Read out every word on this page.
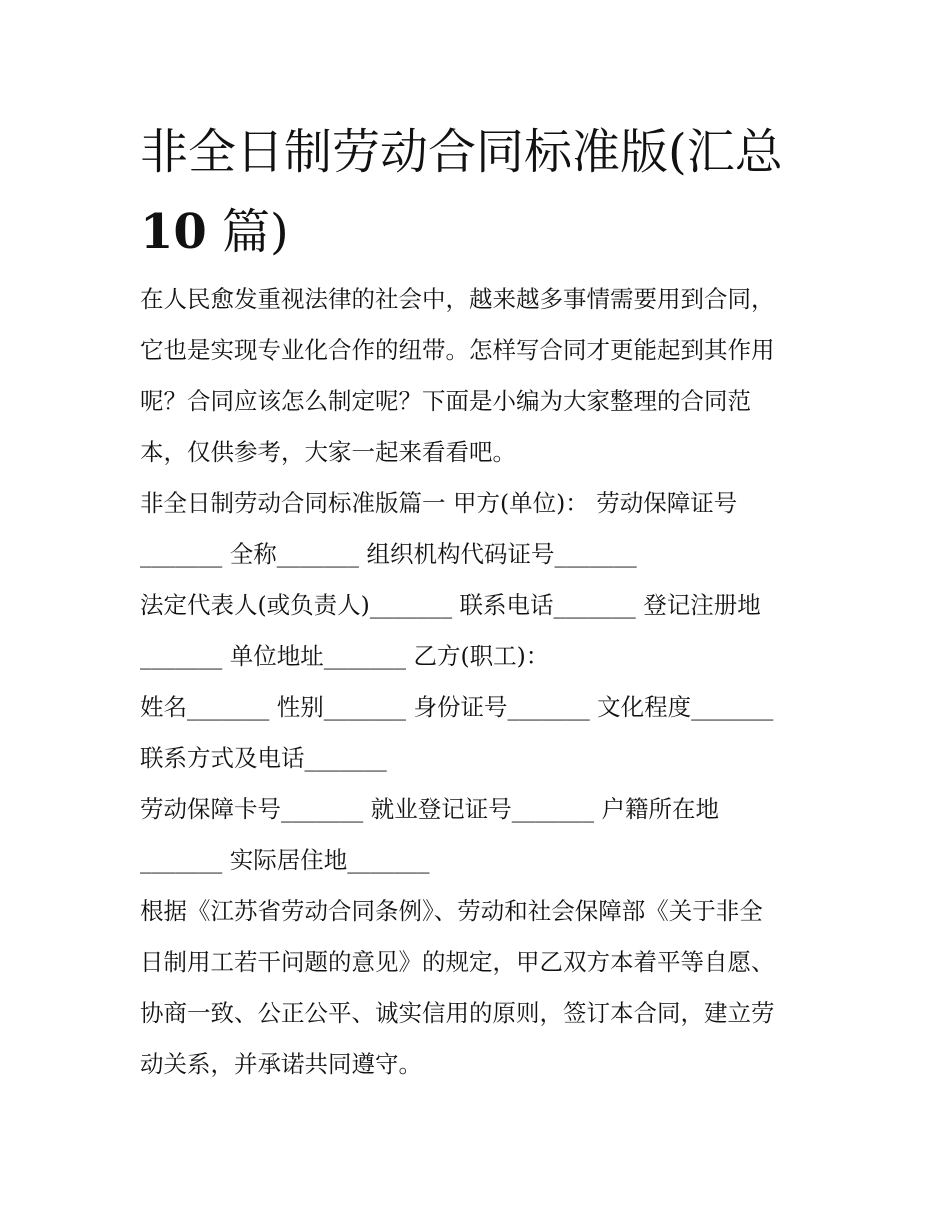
非全日制劳动合同标准版(汇总
10 篇)

在人民愈发重视法律的社会中，越来越多事情需要用到合同，

它也是实现专业化合作的纽带。怎样写合同才更能起到其作用

呢？合同应该怎么制定呢？下面是小编为大家整理的合同范

本，仅供参考，大家一起来看看吧。

非全日制劳动合同标准版篇一 甲方(单位)： 劳动保障证号

_______ 全称_______ 组织机构代码证号_______

法定代表人(或负责人)_______ 联系电话_______ 登记注册地

_______ 单位地址_______ 乙方(职工)：

姓名_______ 性别_______ 身份证号_______ 文化程度_______

联系方式及电话_______

劳动保障卡号_______ 就业登记证号_______ 户籍所在地

_______ 实际居住地_______

根据《江苏省劳动合同条例》、劳动和社会保障部《关于非全

日制用工若干问题的意见》的规定，甲乙双方本着平等自愿、

协商一致、公正公平、诚实信用的原则，签订本合同，建立劳

动关系，并承诺共同遵守。
